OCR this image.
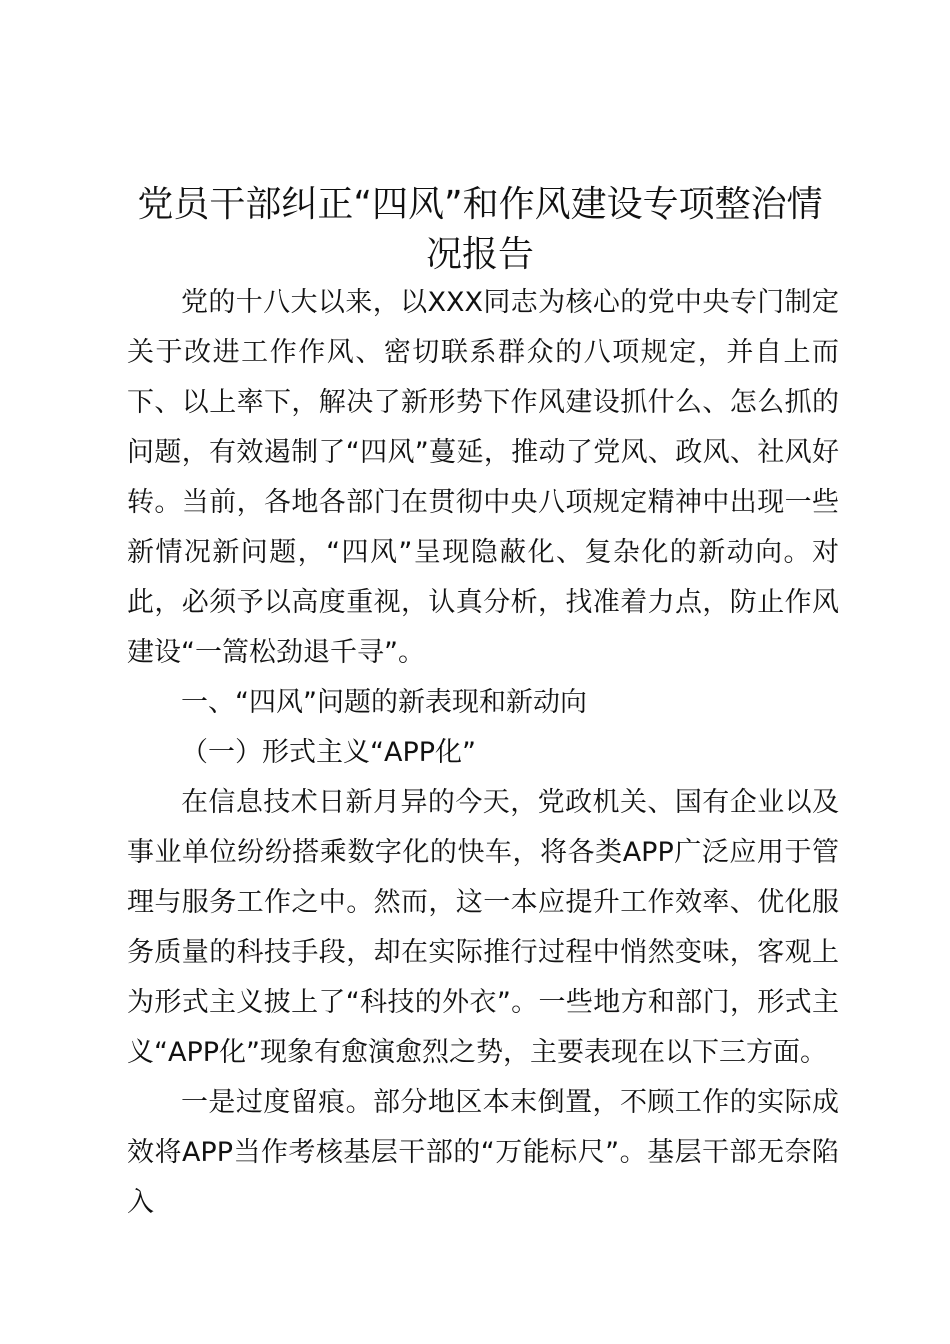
党员干部纠正“四风”和作风建设专项整治情况报告

党的十八大以来，以XXX同志为核心的党中央专门制定关于改进工作作风、密切联系群众的八项规定，并自上而下、以上率下，解决了新形势下作风建设抓什么、怎么抓的问题，有效遏制了“四风”蔓延，推动了党风、政风、社风好转。当前，各地各部门在贯彻中央八项规定精神中出现一些新情况新问题，“四风”呈现隐蔽化、复杂化的新动向。对此，必须予以高度重视，认真分析，找准着力点，防止作风建设“一篙松劲退千寻”。

一、“四风”问题的新表现和新动向

（一）形式主义“APP化”

在信息技术日新月异的今天，党政机关、国有企业以及事业单位纷纷搭乘数字化的快车，将各类APP广泛应用于管理与服务工作之中。然而，这一本应提升工作效率、优化服务质量的科技手段，却在实际推行过程中悄然变味，客观上为形式主义披上了“科技的外衣”。一些地方和部门，形式主义“APP化”现象有愈演愈烈之势，主要表现在以下三方面。

一是过度留痕。部分地区本末倒置，不顾工作的实际成效将APP当作考核基层干部的“万能标尺”。基层干部无奈陷入
